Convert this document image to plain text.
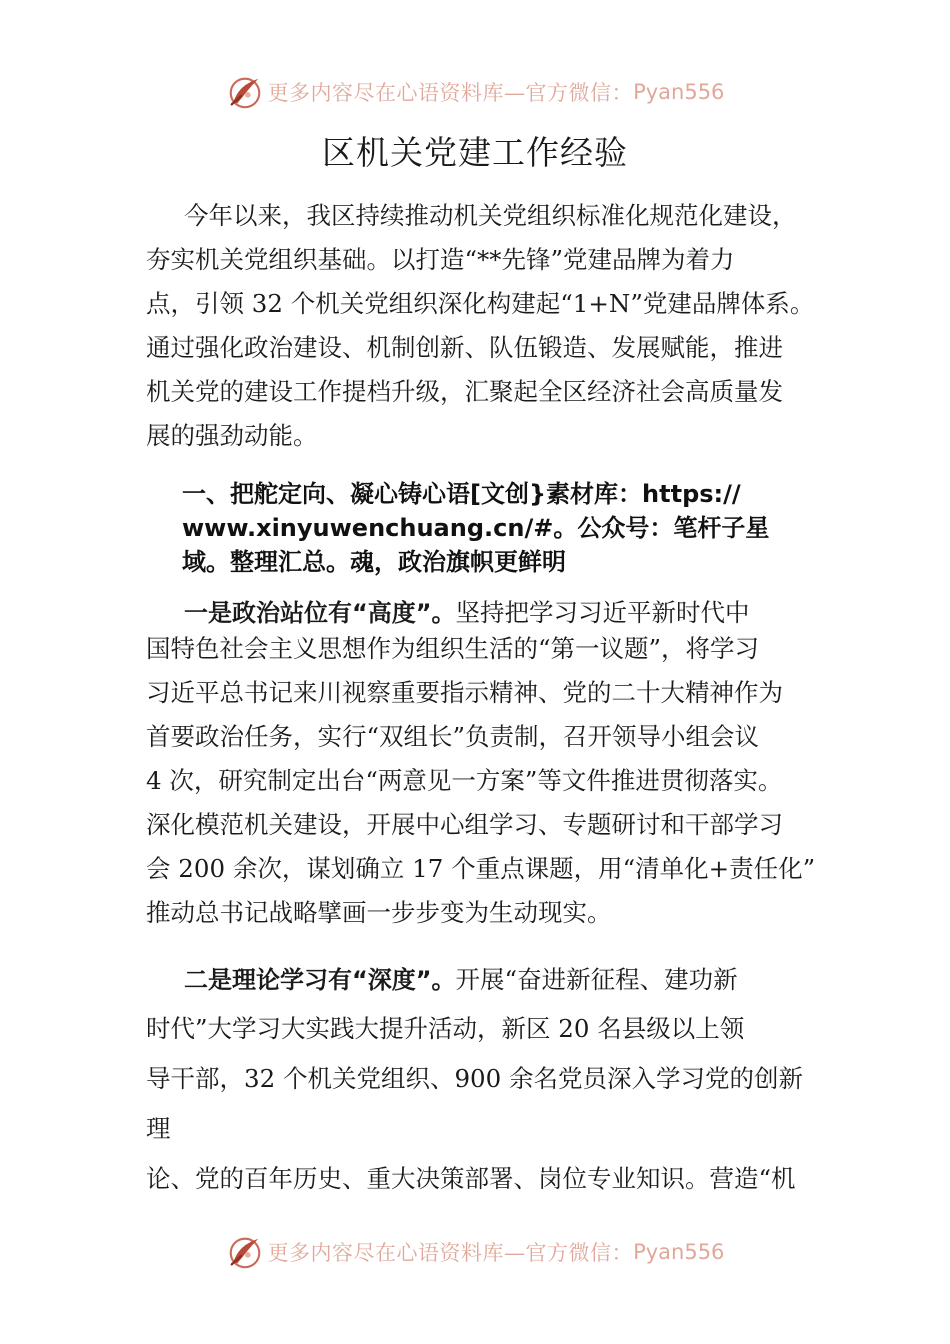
更多内容尽在心语资料库—官方微信： Pyan556
区机关党建工作经验
今年以来，我区持续推动机关党组织标准化规范化建设，
夯实机关党组织基础。以打造“**先锋”党建品牌为着力
点，引领 32 个机关党组织深化构建起“1+N”党建品牌体系。
通过强化政治建设、机制创新、队伍锻造、发展赋能，推进
机关党的建设工作提档升级，汇聚起全区经济社会高质量发
展的强劲动能。
一、把舵定向、凝心铸心语[文创}素材库：https://
www.xinyuwenchuang.cn/#。公众号：笔杆子星
域。整理汇总。魂，政治旗帜更鲜明
一是政治站位有“高度”。坚持把学习习近平新时代中
国特色社会主义思想作为组织生活的“第一议题”，将学习
习近平总书记来川视察重要指示精神、党的二十大精神作为
首要政治任务，实行“双组长”负责制，召开领导小组会议
4 次，研究制定出台“两意见一方案”等文件推进贯彻落实。
深化模范机关建设，开展中心组学习、专题研讨和干部学习
会 200 余次，谋划确立 17 个重点课题，用“清单化+责任化”
推动总书记战略擘画一步步变为生动现实。
二是理论学习有“深度”。开展“奋进新征程、建功新
时代”大学习大实践大提升活动，新区 20 名县级以上领
导干部，32 个机关党组织、900 余名党员深入学习党的创新
理
论、党的百年历史、重大决策部署、岗位专业知识。营造“机
更多内容尽在心语资料库—官方微信： Pyan556
